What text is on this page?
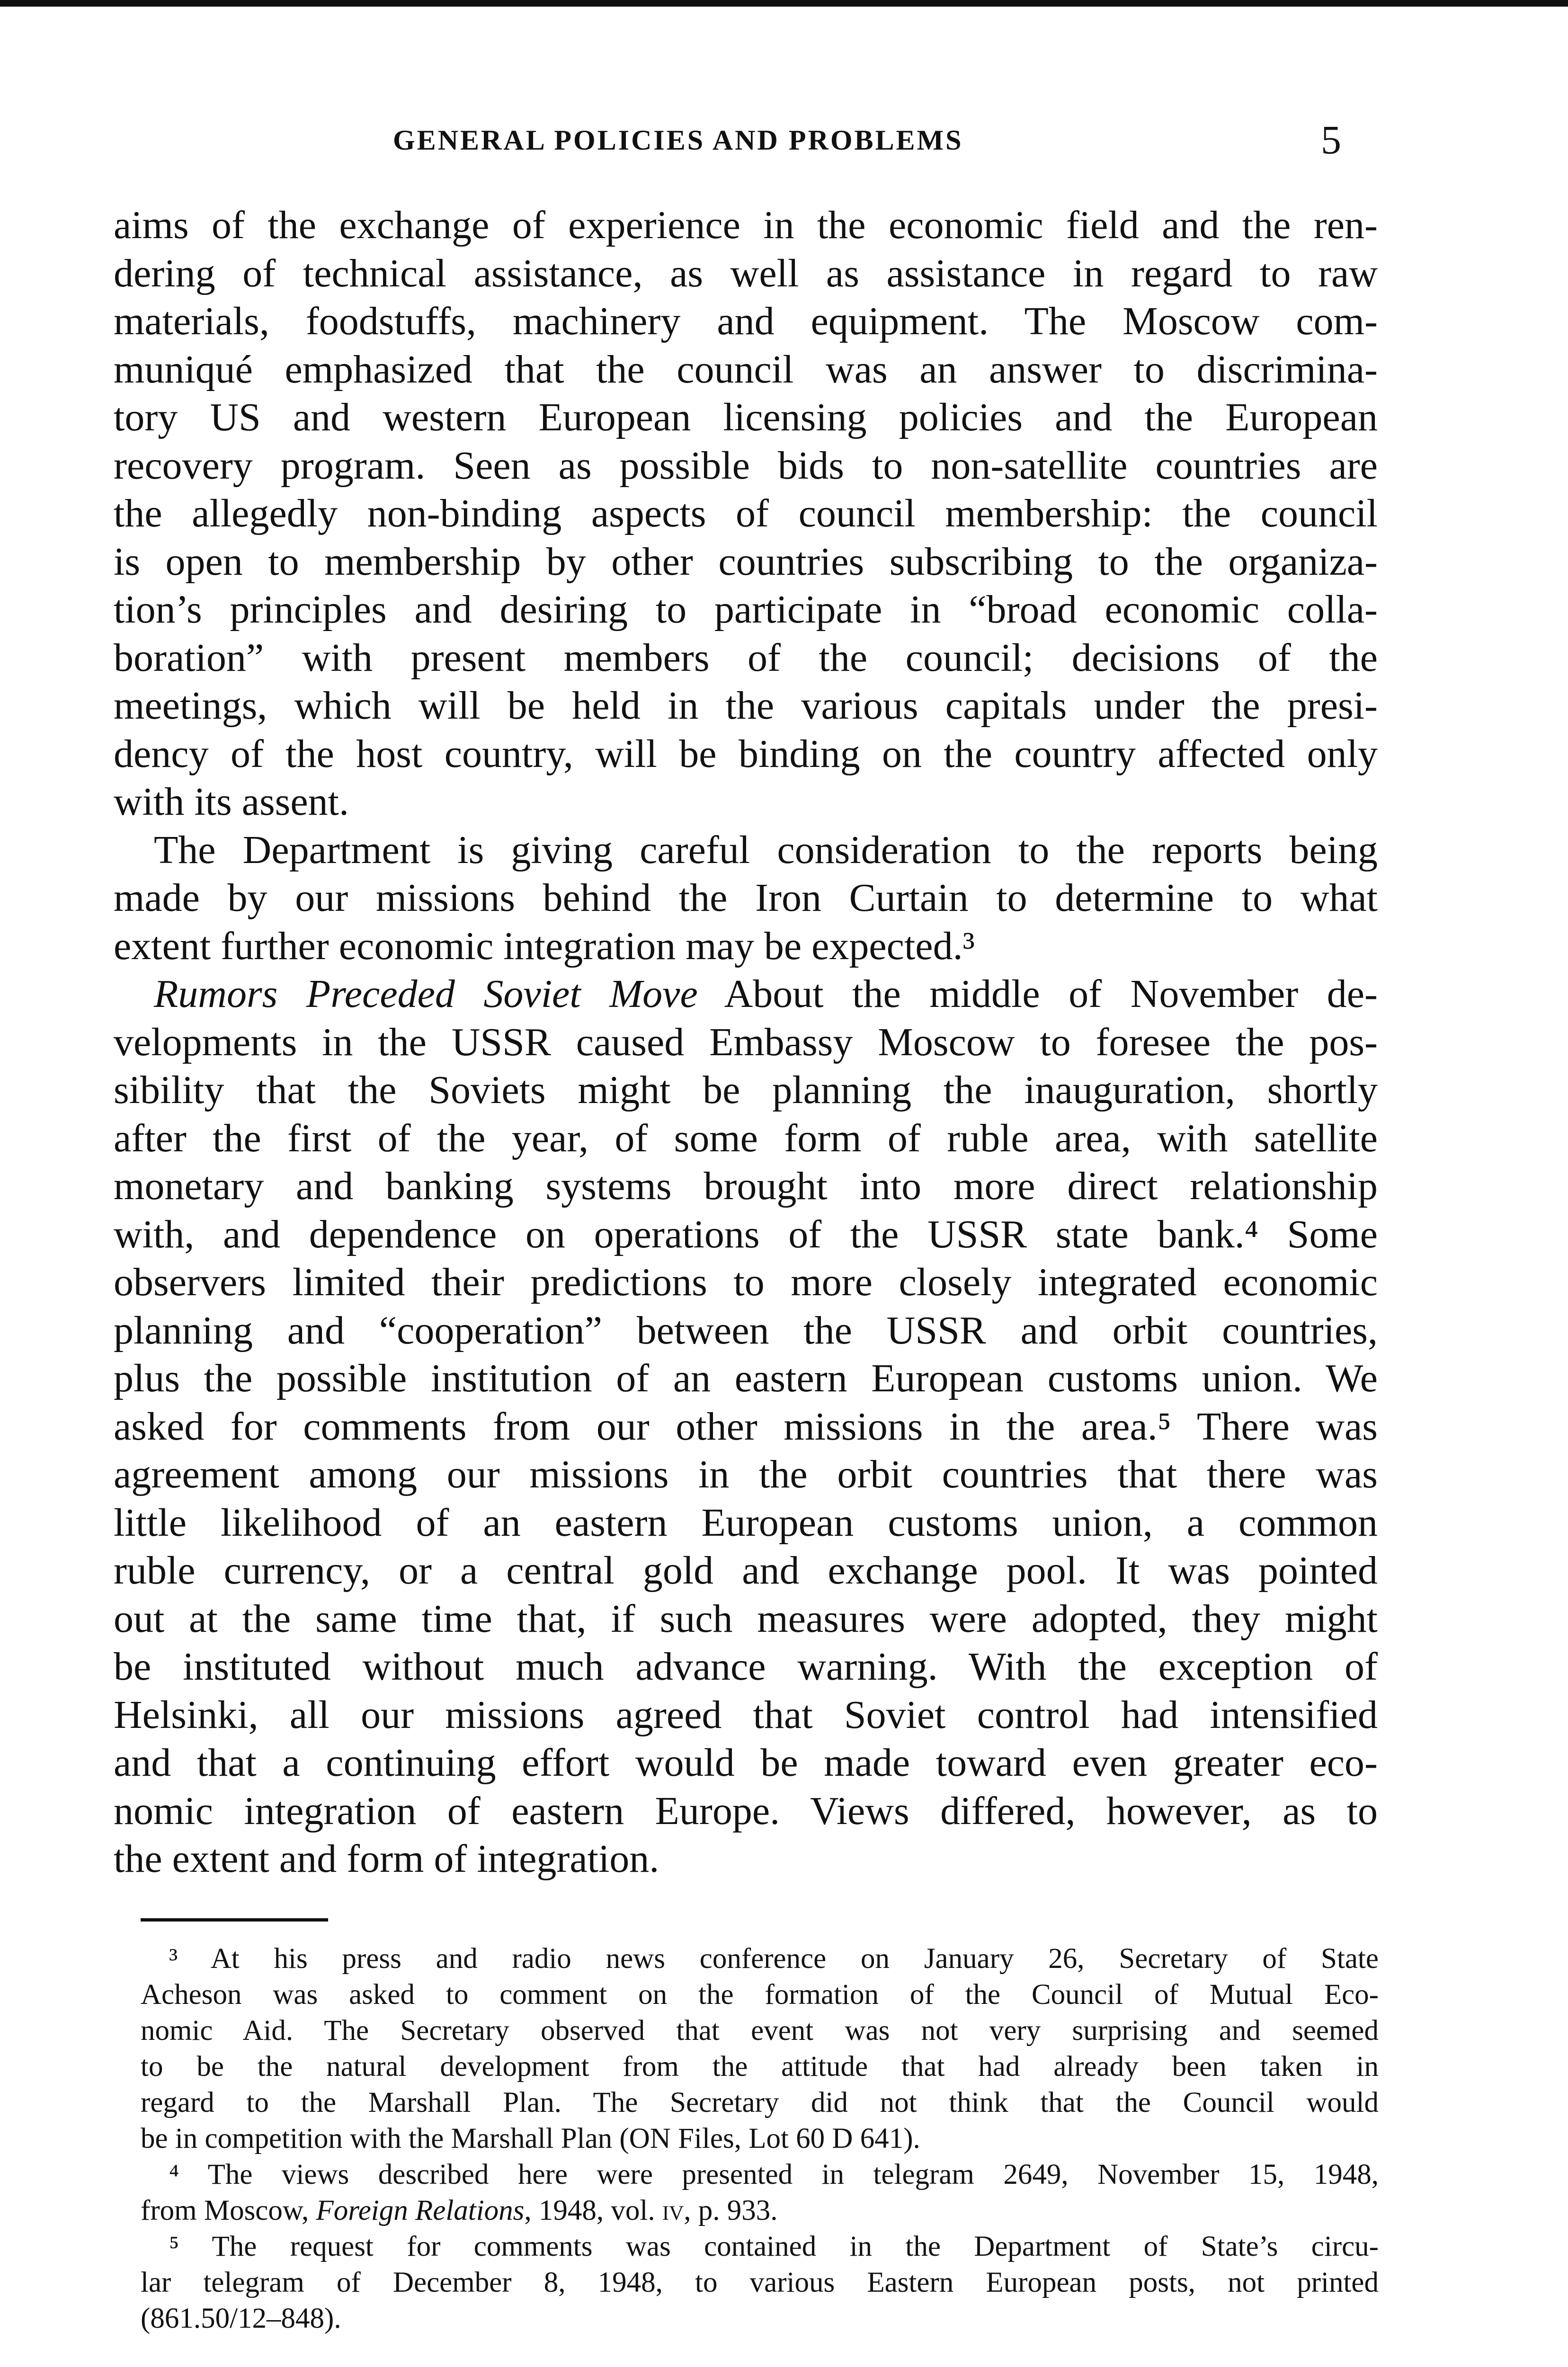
GENERAL POLICIES AND PROBLEMS	5
aims of the exchange of experience in the economic field and the ren-
dering of technical assistance, as well as assistance in regard to raw
materials, foodstuffs, machinery and equipment. The Moscow com-
muniqué emphasized that the council was an answer to discrimina-
tory US and western European licensing policies and the European
recovery program. Seen as possible bids to non-satellite countries are
the allegedly non-binding aspects of council membership: the council
is open to membership by other countries subscribing to the organiza-
tion’s principles and desiring to participate in “broad economic colla-
boration” with present members of the council; decisions of the
meetings, which will be held in the various capitals under the presi-
dency of the host country, will be binding on the country affected only
with its assent.
The Department is giving careful consideration to the reports being
made by our missions behind the Iron Curtain to determine to what
extent further economic integration may be expected.³
Rumors Preceded Soviet Move About the middle of November de-
velopments in the USSR caused Embassy Moscow to foresee the pos-
sibility that the Soviets might be planning the inauguration, shortly
after the first of the year, of some form of ruble area, with satellite
monetary and banking systems brought into more direct relationship
with, and dependence on operations of the USSR state bank.⁴ Some
observers limited their predictions to more closely integrated economic
planning and “cooperation” between the USSR and orbit countries,
plus the possible institution of an eastern European customs union. We
asked for comments from our other missions in the area.⁵ There was
agreement among our missions in the orbit countries that there was
little likelihood of an eastern European customs union, a common
ruble currency, or a central gold and exchange pool. It was pointed
out at the same time that, if such measures were adopted, they might
be instituted without much advance warning. With the exception of
Helsinki, all our missions agreed that Soviet control had intensified
and that a continuing effort would be made toward even greater eco-
nomic integration of eastern Europe. Views differed, however, as to
the extent and form of integration.
³ At his press and radio news conference on January 26, Secretary of State
Acheson was asked to comment on the formation of the Council of Mutual Eco-
nomic Aid. The Secretary observed that event was not very surprising and seemed
to be the natural development from the attitude that had already been taken in
regard to the Marshall Plan. The Secretary did not think that the Council would
be in competition with the Marshall Plan (ON Files, Lot 60 D 641).
⁴ The views described here were presented in telegram 2649, November 15, 1948,
from Moscow, Foreign Relations, 1948, vol. iv, p. 933.
⁵ The request for comments was contained in the Department of State’s circu-
lar telegram of December 8, 1948, to various Eastern European posts, not printed
(861.50/12–848).
